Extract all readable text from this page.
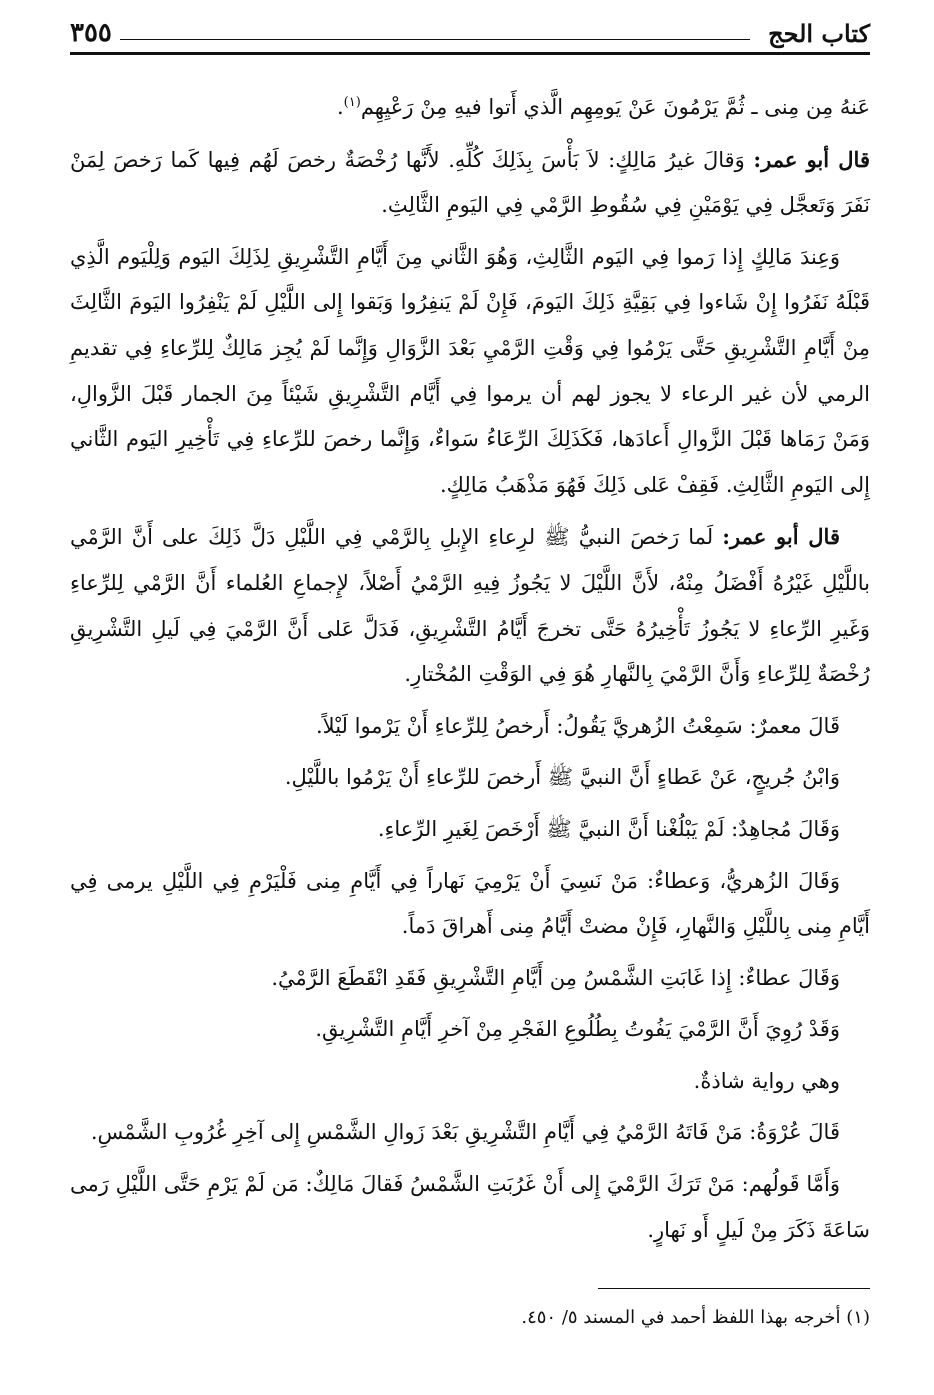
كتاب الحج
٣٥٥

عَنهُ مِن مِنى ـ ثُمَّ يَرْمُونَ عَنْ يَومِهِم الَّذي أَتوا فيهِ مِنْ رَعْيِهِم$^{(١)}$.

قال أبو عمر: وَقالَ غيرُ مَالِكٍ: لاَ بَأْسَ بِذَلِكَ كُلِّهِ. لأَنَّها رُخْصَةٌ رخصَ لَهُم فِيها كَما رَخصَ لِمَنْ نَفَرَ وَتَعجَّل فِي يَوْمَيْنِ فِي سُقُوطِ الرَّمْي فِي اليَومِ الثَّالِثِ.

وَعِندَ مَالِكٍ إِذا رَموا فِي اليَوم الثَّالِثِ، وَهُوَ الثَّاني مِنَ أَيَّامِ التَّشْرِيقِ لِذَلِكَ اليَوم وَلِلْيَوم الَّذِي قَبْلَهُ نَفَرُوا إِنْ شَاءوا فِي بَقِيَّةِ ذَلِكَ اليَومَ، فَإِنْ لَمْ يَنفِرُوا وَبَقوا إِلى اللَّيْلِ لَمْ يَنْفِرُوا اليَومَ الثَّالِثَ مِنْ أَيَّامِ التَّشْرِيقِ حَتَّى يَرْمُوا فِي وَقْتِ الرَّمْيِ بَعْدَ الزَّوَالِ وَإِنَّما لَمْ يُجِز مَالِكٌ لِلرِّعاءِ فِي تقديمِ الرمي لأن غير الرعاء لا يجوز لهم أن يرموا فِي أَيَّام التَّشْرِيقِ شَيْئاً مِنَ الجمار قَبْلَ الزَّوالِ، وَمَنْ رَمَاها قَبْلَ الزَّوالِ أَعادَها، فَكَذَلِكَ الرِّعَاءُ سَواءٌ، وَإِنَّما رخصَ للرِّعاءِ فِي تَأْخِيرِ اليَوم الثَّاني إِلى اليَومِ الثَّالِثِ. فَقِفْ عَلى ذَلِكَ فَهُوَ مَذْهَبُ مَالِكٍ.

قال أبو عمر: لَما رَخصَ النبيُّ ﷺ لرِعاءِ الإِبلِ بِالرَّمْي فِي اللَّيْلِ دَلَّ ذَلِكَ على أَنَّ الرَّمْي باللَّيْلِ غَيْرُهُ أَفْضَلُ مِنْهُ، لأَنَّ اللَّيْلَ لا يَجُوزُ فِيهِ الرَّمْيُ أَصْلاً، لإِجماعِ العُلماء أَنَّ الرَّمْي لِلرِّعاءِ وَغَيرِ الرِّعاءِ لا يَجُوزُ تَأْخِيرُهُ حَتَّى تخرجَ أَيَّامُ التَّشْرِيقِ، فَدَلَّ عَلى أَنَّ الرَّمْيَ فِي لَيلِ التَّشْرِيقِ رُخْصَةٌ لِلرِّعاءِ وَأَنَّ الرَّمْيَ بِالنَّهارِ هُوَ فِي الوَقْتِ المُخْتارِ.

قَالَ معمرٌ: سَمِعْتُ الزُهريَّ يَقُولُ: أَرخصُ لِلرِّعاءِ أَنْ يَرْموا لَيْلاً.

وَابْنُ جُريجٍ، عَنْ عَطاءٍ أَنَّ النبيَّ ﷺ أَرخصَ للرِّعاءِ أَنْ يَرْمُوا باللَّيْلِ.

وَقَالَ مُجاهِدٌ: لَمْ يَبْلُغْنا أَنَّ النبيَّ ﷺ أَرْخَصَ لِغَيرِ الرِّعاءِ.

وَقَالَ الزُهريُّ، وَعطاءٌ: مَنْ نَسِيَ أَنْ يَرْمِيَ نَهاراً فِي أَيَّامِ مِنى فَلْيَرْمِ فِي اللَّيْلِ يرمى فِي أَيَّامِ مِنى بِاللَّيْلِ وَالنَّهارِ، فَإِنْ مضتْ أَيَّامُ مِنى أَهراقَ دَماً.

وَقَالَ عطاءٌ: إِذا غَابَتِ الشَّمْسُ مِن أَيَّامِ التَّشْرِيقِ فَقَدِ انْقَطَعَ الرَّمْيُ.

وَقَدْ رُوِيَ أَنَّ الرَّمْيَ يَفُوتُ بِطُلُوعِ الفَجْرِ مِنْ آخرِ أَيَّامِ التَّشْرِيقِ.

وهي رواية شاذةٌ.

قَالَ عُرْوَةُ: مَنْ فَاتَهُ الرَّمْيُ فِي أَيَّامِ التَّشْرِيقِ بَعْدَ زَوالِ الشَّمْسِ إِلى آخِرِ غُرُوبِ الشَّمْسِ.

وَأَمَّا قَولُهم: مَنْ تَرَكَ الرَّمْيَ إِلى أَنْ غَرُبَتِ الشَّمْسُ فَقالَ مَالِكٌ: مَن لَمْ يَرْمِ حَتَّى اللَّيْلِ رَمى سَاعَةَ ذَكَرَ مِنْ لَيلٍ أَو نَهارٍ.

(١) أخرجه بهذا اللفظ أحمد في المسند ٥/ ٤٥٠.
